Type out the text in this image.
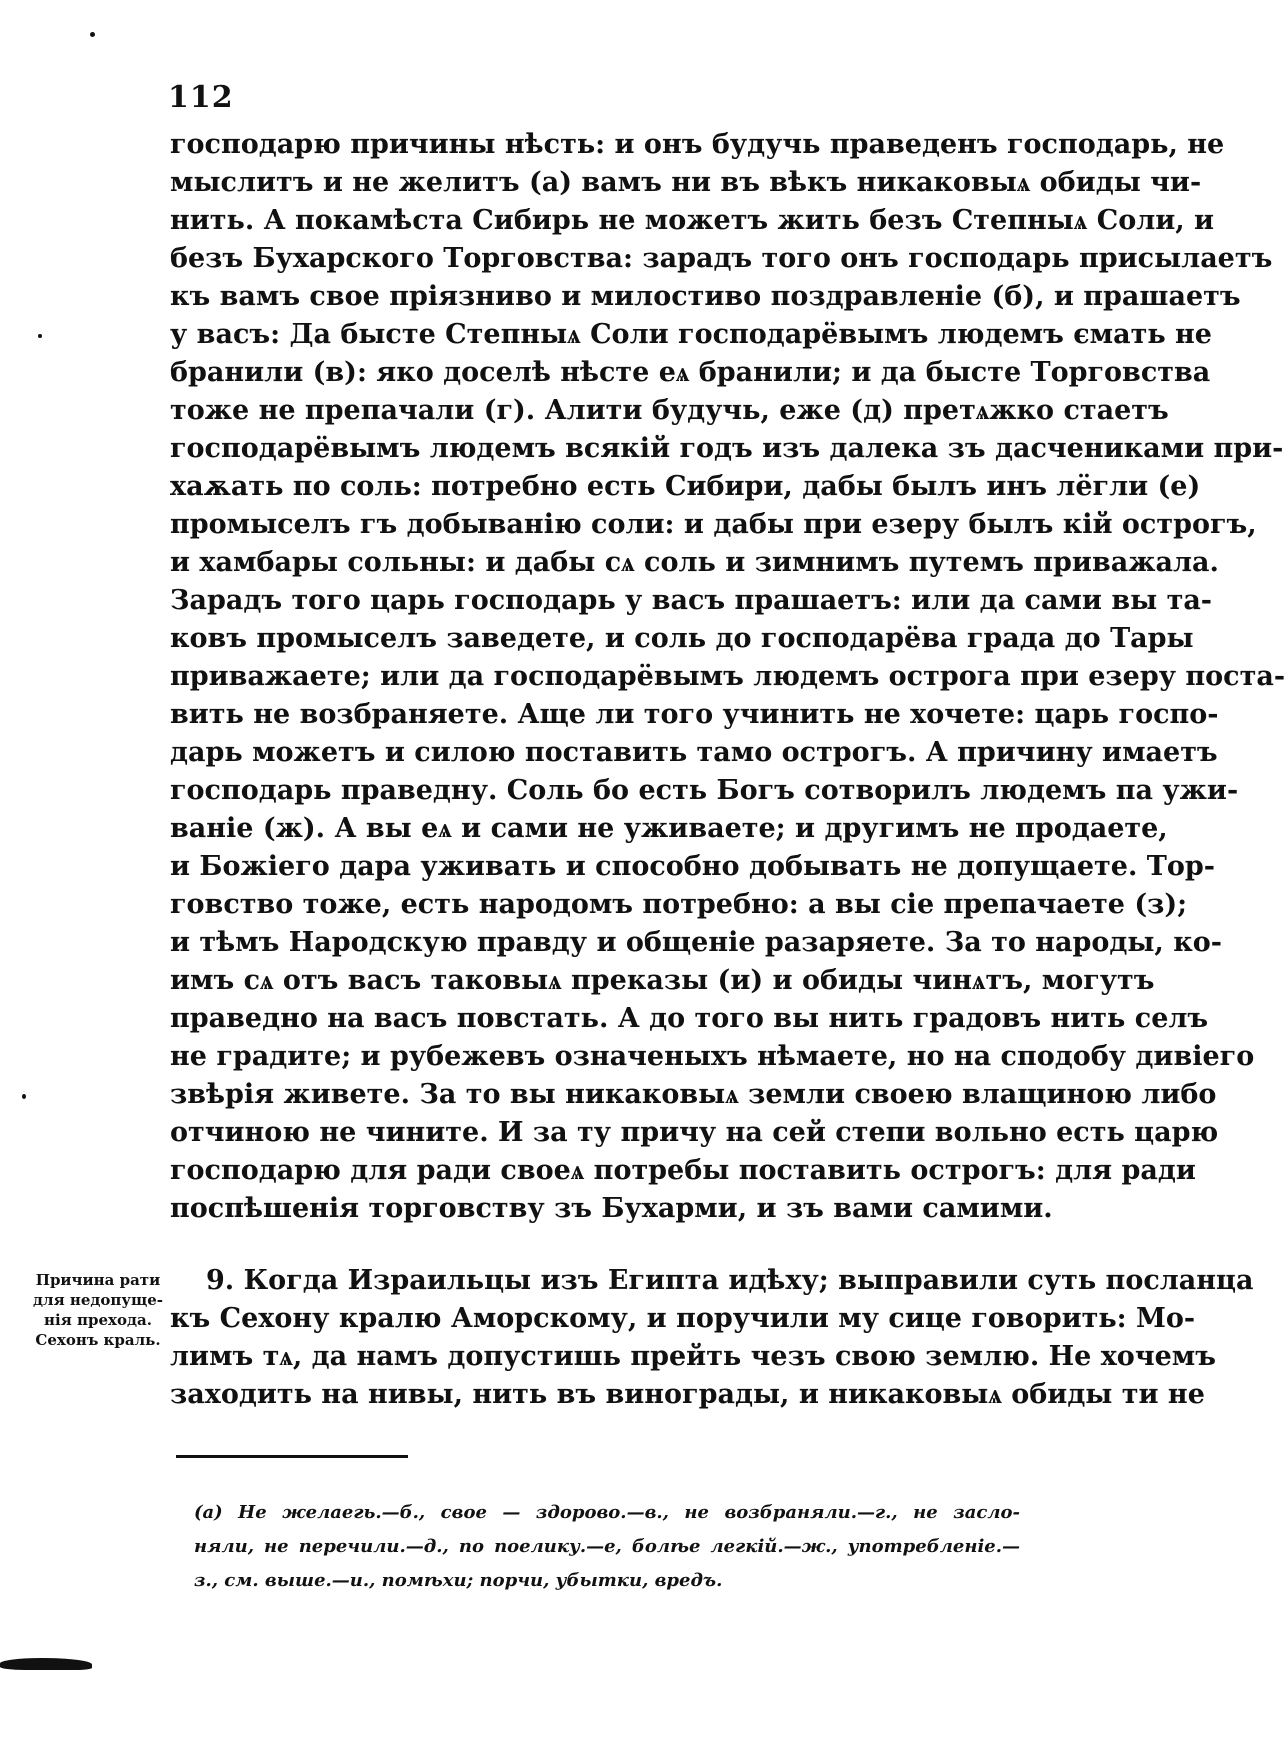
112
господарю причины нѣсть: и онъ будучь праведенъ господарь, не
мыслитъ и не желитъ (а) вамъ ни въ вѣкъ никаковыѧ обиды чи-
нить. А покамѣста Сибирь не можетъ жить безъ Степныѧ Соли, и
безъ Бухарского Торговства: зарадъ того онъ господарь присылаетъ
къ вамъ свое пріязниво и милостиво поздравленіе (б), и прашаетъ
у васъ: Да быcте Степныѧ Соли господарёвымъ людемъ ємать не
бранили (в): яко доселѣ нѣсте еѧ бранили; и да быcте Торговства
тоже не препачали (г). Алити будучь, еже (д) претѧжко стаетъ
господарёвымъ людемъ всякій годъ изъ далека зъ дасчениками при-
хаѫать по соль: потребно есть Сибири, дабы былъ инъ лёгли (е)
промыселъ гъ добыванію соли: и дабы при езеру былъ кій острогъ,
и хамбары сольны: и дабы сѧ соль и зимнимъ путемъ приважала.
Зарадъ того царь господарь у васъ прашаетъ: или да сами вы та-
ковъ промыселъ заведете, и соль до господарёва града до Тары
приважаете; или да господарёвымъ людемъ острога при езеру поста-
вить не возбраняете. Аще ли того учинить не хочете: царь госпо-
дарь можетъ и силою поставить тамо острогъ. А причину имаетъ
господарь праведну. Соль бо есть Богъ сотворилъ людемъ па ужи-
ваніе (ж). А вы еѧ и сами не уживаете; и другимъ не продаете,
и Божіего дара уживать и способно добывать не допущаете. Тор-
говство тоже, есть народомъ потребно: а вы сіе препачаете (з);
и тѣмъ Народскую правду и общеніе разаряете. За то народы, ко-
имъ сѧ отъ васъ таковыѧ преказы (и) и обиды чинѧтъ, могутъ
праведно на васъ повстать. А до того вы нить градовъ нить селъ
не градите; и рубежевъ означеныхъ нѣмаете, но на сподобу дивіего
звѣрія живете. За то вы никаковыѧ земли своею влащиною либо
отчиною не чините. И за ту причу на сей степи вольно есть царю
господарю для ради своеѧ потребы поставить острогъ: для ради
поспѣшенія торговству зъ Бухарми, и зъ вами самими.
Причина рати
для недопуще-
нія прехода.
Сехонъ краль.
9. Когда Израильцы изъ Египта идѣху; выправили суть посланца
къ Сехону кралю Аморскому, и поручили му сице говорить: Мо-
лимъ тѧ, да намъ допустишь прейть чезъ свою землю. Не хочемъ
заходить на нивы, нить въ винограды, и никаковыѧ обиды ти не
(а) Не желаегь.—б., свое — здорово.—в., не возбраняли.—г., не засло-
няли, не перечили.—д., по поелику.—е, болѣе легкій.—ж., употребленіе.—
з., см. выше.—и., помѣхи; порчи, убытки, вредъ.
